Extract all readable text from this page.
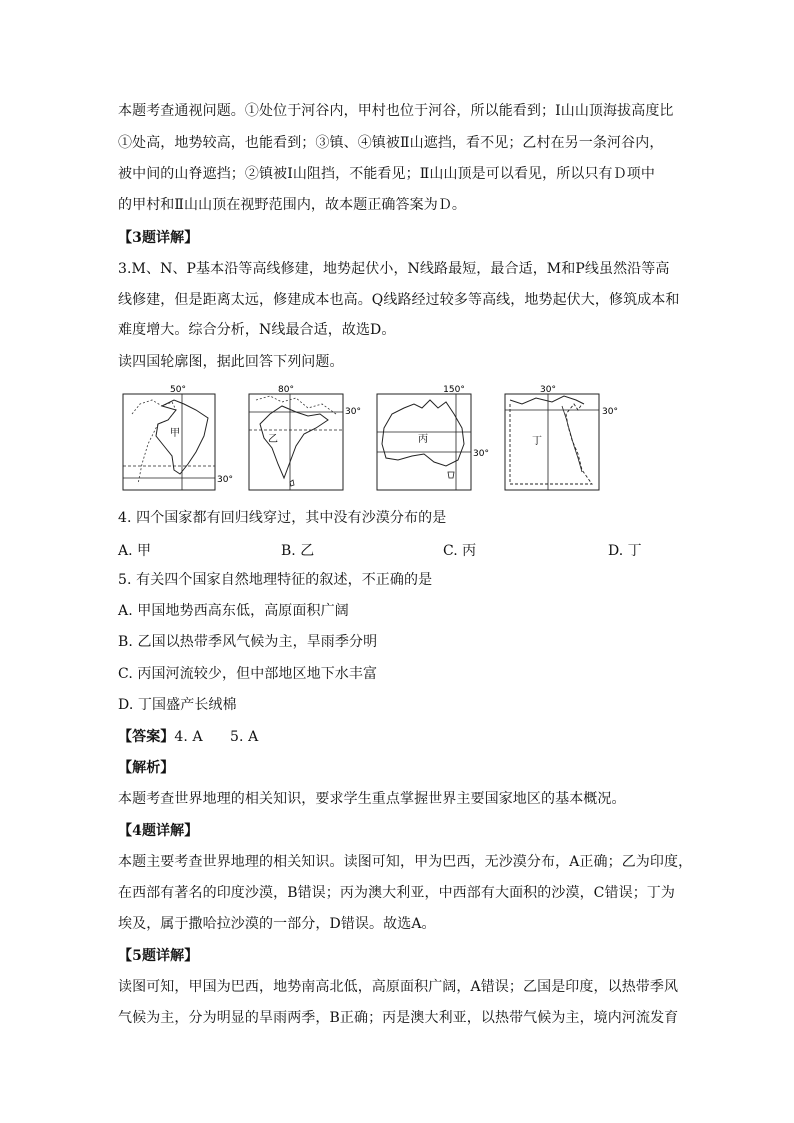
本题考查通视问题。①处位于河谷内，甲村也位于河谷，所以能看到；Ⅰ山山顶海拔高度比
①处高，地势较高，也能看到；③镇、④镇被Ⅱ山遮挡，看不见；乙村在另一条河谷内，
被中间的山脊遮挡；②镇被Ⅰ山阻挡，不能看见；Ⅱ山山顶是可以看见，所以只有Ｄ项中
的甲村和Ⅱ山山顶在视野范围内，故本题正确答案为Ｄ。
【3题详解】
3.M、N、P基本沿等高线修建，地势起伏小，N线路最短，最合适，M和P线虽然沿等高
线修建，但是距离太远，修建成本也高。Q线路经过较多等高线，地势起伏大，修筑成本和
难度增大。综合分析，N线最合适，故选D。
读四国轮廓图，据此回答下列问题。
50°
甲
30°
80°
乙
30°
150°
丙
30°
30°
丁
30°
4. 四个国家都有回归线穿过，其中没有沙漠分布的是
A. 甲	B. 乙	C. 丙	D. 丁
5. 有关四个国家自然地理特征的叙述，不正确的是
A. 甲国地势西高东低，高原面积广阔
B. 乙国以热带季风气候为主，旱雨季分明
C. 丙国河流较少，但中部地区地下水丰富
D. 丁国盛产长绒棉
【答案】4. A      5. A
【解析】
本题考查世界地理的相关知识，要求学生重点掌握世界主要国家地区的基本概况。
【4题详解】
本题主要考查世界地理的相关知识。读图可知，甲为巴西，无沙漠分布，A正确；乙为印度，
在西部有著名的印度沙漠，B错误；丙为澳大利亚，中西部有大面积的沙漠，C错误；丁为
埃及，属于撒哈拉沙漠的一部分，D错误。故选A。
【5题详解】
读图可知，甲国为巴西，地势南高北低，高原面积广阔，A错误；乙国是印度，以热带季风
气候为主，分为明显的旱雨两季，B正确；丙是澳大利亚，以热带气候为主，境内河流发育
